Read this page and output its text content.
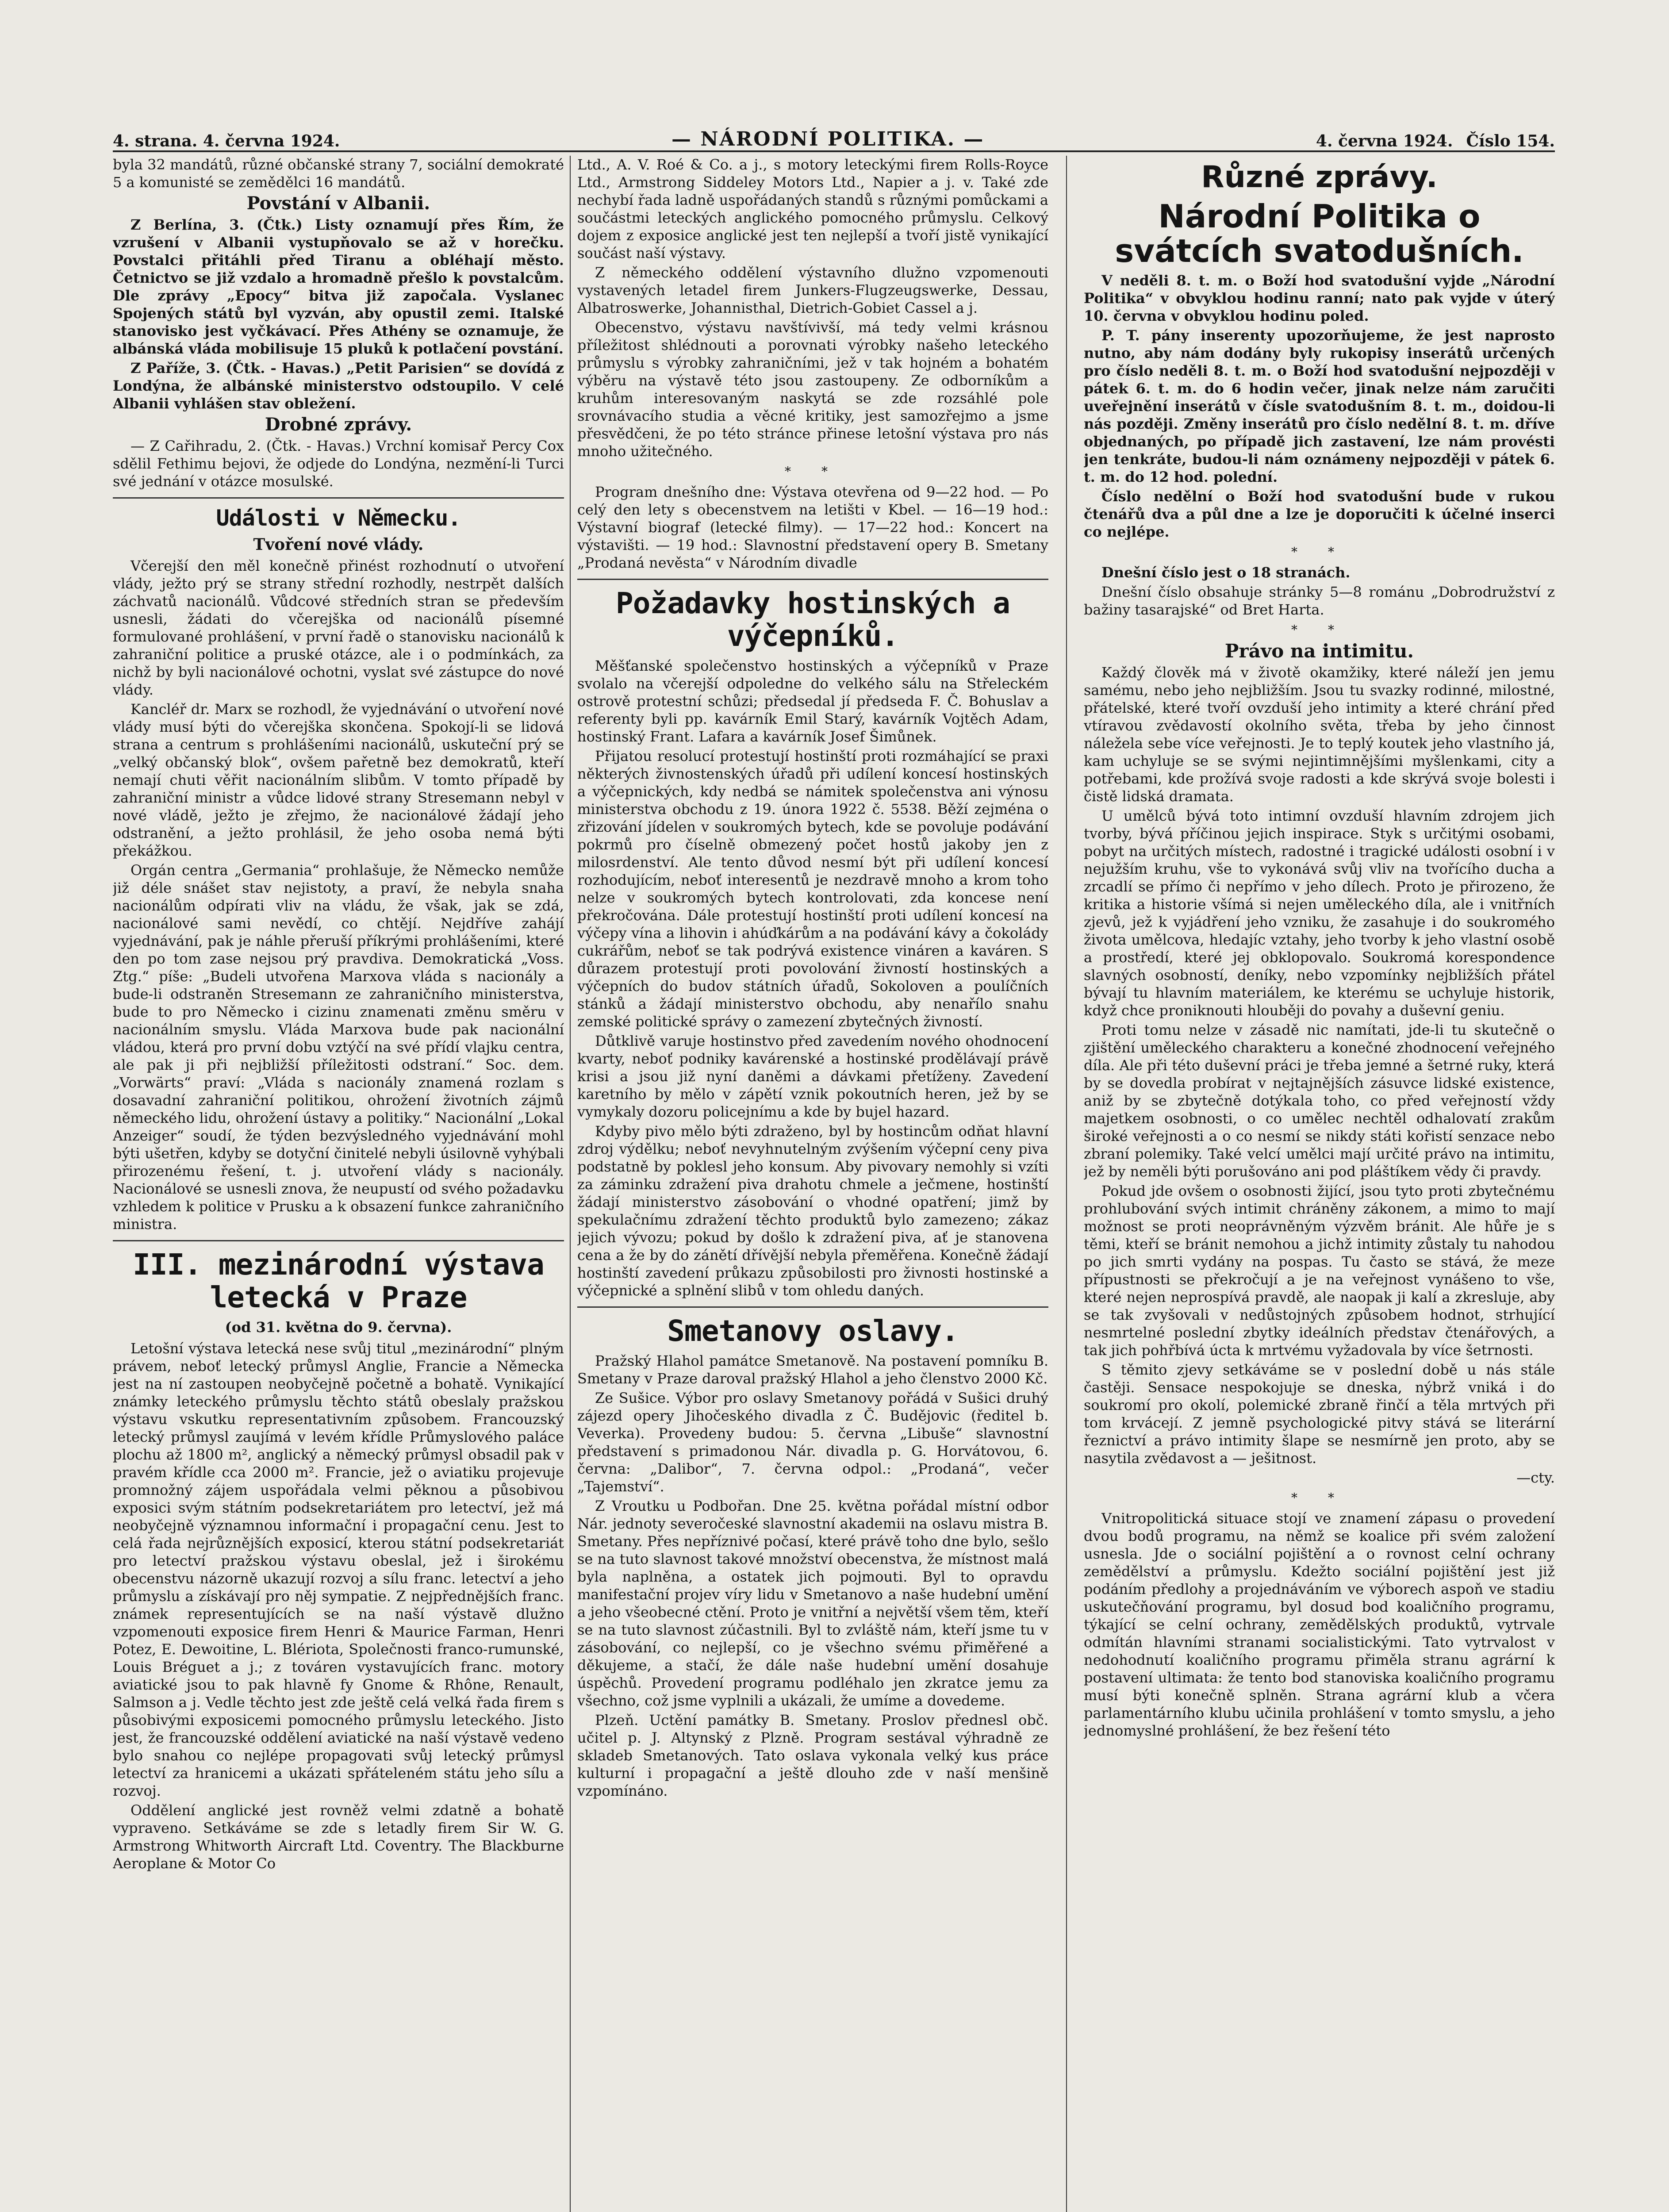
4. strana. 4. června 1924.	— NÁRODNÍ POLITIKA. —	4. června 1924. Číslo 154.

byla 32 mandátů, různé občanské strany 7, sociální demokraté 5 a komunisté se zemědělci 16 mandátů.

Povstání v Albanii.

Z Berlína, 3. (Čtk.) Listy oznamují přes Řím, že vzrušení v Albanii vystupňovalo se až v horečku. Povstalci přitáhli před Tiranu a obléhají město. Četnictvo se již vzdalo a hromadně přešlo k povstalcům. Dle zprávy „Epocy“ bitva již započala. Vyslanec Spojených států byl vyzván, aby opustil zemi. Italské stanovisko jest vyčkávací. Přes Athény se oznamuje, že albánská vláda mobilisuje 15 pluků k potlačení povstání.

Z Paříže, 3. (Čtk. - Havas.) „Petit Parisien“ se dovídá z Londýna, že albánské ministerstvo odstoupilo. V celé Albanii vyhlášen stav obležení.

Drobné zprávy.

— Z Cařihradu, 2. (Čtk. - Havas.) Vrchní komisař Percy Cox sdělil Fethimu bejovi, že odjede do Londýna, nezmění-li Turci své jednání v otázce mosulské.

Události v Německu.
Tvoření nové vlády.

Včerejší den měl konečně přinést rozhodnutí o utvoření vlády, ježto prý se strany střední rozhodly, nestrpět dalších záchvatů nacionálů. Vůdcové středních stran se především usnesli, žádati do včerejška od nacionálů písemné formulované prohlášení, v první řadě o stanovisku nacionálů k zahraniční politice a pruské otázce, ale i o podmínkách, za nichž by byli nacionálové ochotni, vyslat své zástupce do nové vlády.

Kancléř dr. Marx se rozhodl, že vyjednávání o utvoření nové vlády musí býti do včerejška skončena. Spokojí-li se lidová strana a centrum s prohlášeními nacionálů, uskuteční prý se „velký občanský blok“, ovšem pařetně bez demokratů, kteří nemají chuti věřit nacionálním slibům. V tomto případě by zahraniční ministr a vůdce lidové strany Stresemann nebyl v nové vládě, ježto je zřejmo, že nacionálové žádají jeho odstranění, a ježto prohlásil, že jeho osoba nemá býti překážkou.

Orgán centra „Germania“ prohlašuje, že Německo nemůže již déle snášet stav nejistoty, a praví, že nebyla snaha nacionálům odpírati vliv na vládu, že však, jak se zdá, nacionálové sami nevědí, co chtějí. Nejdříve zahájí vyjednávání, pak je náhle přeruší příkrými prohlášeními, které den po tom zase nejsou prý pravdiva. Demokratická „Voss. Ztg.“ píše: „Budeli utvořena Marxova vláda s nacionály a bude-li odstraněn Stresemann ze zahraničního ministerstva, bude to pro Německo i cizinu znamenati změnu směru v nacionálním smyslu. Vláda Marxova bude pak nacionální vládou, která pro první dobu vztýčí na své přídí vlajku centra, ale pak ji při nejbližší příležitosti odstraní.“ Soc. dem. „Vorwärts“ praví: „Vláda s nacionály znamená rozlam s dosavadní zahraniční politikou, ohrožení životních zájmů německého lidu, ohrožení ústavy a politiky.“ Nacionální „Lokal Anzeiger“ soudí, že týden bezvýsledného vyjednávání mohl býti ušetřen, kdyby se dotyční činitelé nebyli úsilovně vyhýbali přirozenému řešení, t. j. utvoření vlády s nacionály. Nacionálové se usnesli znova, že neupustí od svého požadavku vzhledem k politice v Prusku a k obsazení funkce zahraničního ministra.

III. mezinárodní výstava letecká v Praze
(od 31. května do 9. června).

Letošní výstava letecká nese svůj titul „mezinárodní“ plným právem, neboť letecký průmysl Anglie, Francie a Německa jest na ní zastoupen neobyčejně početně a bohatě. Vynikající známky leteckého průmyslu těchto států obeslaly pražskou výstavu vskutku representativním způsobem. Francouzský letecký průmysl zaujímá v levém křídle Průmyslového paláce plochu až 1800 m², anglický a německý průmysl obsadil pak v pravém křídle cca 2000 m². Francie, jež o aviatiku projevuje promnožný zájem uspořádala velmi pěknou a působivou exposici svým státním podsekretariátem pro letectví, jež má neobyčejně významnou informační i propagační cenu. Jest to celá řada nejrůznějších exposicí, kterou státní podsekretariát pro letectví pražskou výstavu obeslal, jež i širokému obecenstvu názorně ukazují rozvoj a sílu franc. letectví a jeho průmyslu a získávají pro něj sympatie. Z nejpřednějších franc. známek representujících se na naší výstavě dlužno vzpomenouti exposice firem Henri & Maurice Farman, Henri Potez, E. Dewoitine, L. Blériota, Společnosti franco-rumunské, Louis Bréguet a j.; z továren vystavujících franc. motory aviatické jsou to pak hlavně fy Gnome & Rhône, Renault, Salmson a j. Vedle těchto jest zde ještě celá velká řada firem s působivými exposicemi pomocného průmyslu leteckého. Jisto jest, že francouzské oddělení aviatické na naší výstavě vedeno bylo snahou co nejlépe propagovati svůj letecký průmysl letectví za hranicemi a ukázati spřáteleném státu jeho sílu a rozvoj.

Oddělení anglické jest rovněž velmi zdatně a bohatě vypraveno. Setkáváme se zde s letadly firem Sir W. G. Armstrong Whitworth Aircraft Ltd. Coventry. The Blackburne Aeroplane & Motor Co

Ltd., A. V. Roé & Co. a j., s motory leteckými firem Rolls-Royce Ltd., Armstrong Siddeley Motors Ltd., Napier a j. v. Také zde nechybí řada ladně uspořádaných standů s různými pomůckami a součástmi leteckých anglického pomocného průmyslu. Celkový dojem z exposice anglické jest ten nejlepší a tvoří jistě vynikající součást naší výstavy.

Z německého oddělení výstavního dlužno vzpomenouti vystavených letadel firem Junkers-Flugzeugswerke, Dessau, Albatroswerke, Johannisthal, Dietrich-Gobiet Cassel a j.

Obecenstvo, výstavu navštívivší, má tedy velmi krásnou příležitost shlédnouti a porovnati výrobky našeho leteckého průmyslu s výrobky zahraničními, jež v tak hojném a bohatém výběru na výstavě této jsou zastoupeny. Ze odborníkům a kruhům interesovaným naskytá se zde rozsáhlé pole srovnávacího studia a věcné kritiky, jest samozřejmo a jsme přesvědčeni, že po této stránce přinese letošní výstava pro nás mnoho užitečného.

* *

Program dnešního dne: Výstava otevřena od 9—22 hod. — Po celý den lety s obecenstvem na letišti v Kbel. — 16—19 hod.: Výstavní biograf (letecké filmy). — 17—22 hod.: Koncert na výstavišti. — 19 hod.: Slavnostní představení opery B. Smetany „Prodaná nevěsta“ v Národním divadle

Požadavky hostinských a výčepníků.

Měšťanské společenstvo hostinských a výčepníků v Praze svolalo na včerejší odpoledne do velkého sálu na Střeleckém ostrově protestní schůzi; předsedal jí předseda F. Č. Bohuslav a referenty byli pp. kavárník Emil Starý, kavárník Vojtěch Adam, hostinský Frant. Lafara a kavárník Josef Šimůnek.

Přijatou resolucí protestují hostinští proti rozmáhající se praxi některých živnostenských úřadů při udílení koncesí hostinských a výčepnických, kdy nedbá se námitek společenstva ani výnosu ministerstva obchodu z 19. února 1922 č. 5538. Běží zejména o zřizování jídelen v soukromých bytech, kde se povoluje podávání pokrmů pro číselně obmezený počet hostů jakoby jen z milosrdenství. Ale tento důvod nesmí být při udílení koncesí rozhodujícím, neboť interesentů je nezdravě mnoho a krom toho nelze v soukromých bytech kontrolovati, zda koncese není překročována. Dále protestují hostinští proti udílení koncesí na výčepy vína a lihovin i ahúďkárům a na podávání kávy a čokolády cukrářům, neboť se tak podrývá existence vináren a kaváren. S důrazem protestují proti povolování živností hostinských a výčepních do budov státních úřadů, Sokoloven a poulíčních stánků a žádají ministerstvo obchodu, aby nenařílo snahu zemské politické správy o zamezení zbytečných živností.

Důtklivě varuje hostinstvo před zavedením nového ohodnocení kvarty, neboť podniky kavárenské a hostinské prodělávají právě krisi a jsou již nyní daněmi a dávkami přetíženy. Zavedení karetního by mělo v zápětí vznik pokoutních heren, jež by se vymykaly dozoru policejnímu a kde by bujel hazard.

Kdyby pivo mělo býti zdraženo, byl by hostincům odňat hlavní zdroj výdělku; neboť nevyhnutelným zvýšením výčepní ceny piva podstatně by poklesl jeho konsum. Aby pivovary nemohly si vzíti za záminku zdražení piva drahotu chmele a ječmene, hostinští žádají ministerstvo zásobování o vhodné opatření; jimž by spekulačnímu zdražení těchto produktů bylo zamezeno; zákaz jejich vývozu; pokud by došlo k zdražení piva, ať je stanovena cena a že by do zánětí dřívější nebyla přeměřena. Konečně žádají hostinští zavedení průkazu způsobilosti pro živnosti hostinské a výčepnické a splnění slibů v tom ohledu daných.

Smetanovy oslavy.

Pražský Hlahol památce Smetanově. Na postavení pomníku B. Smetany v Praze daroval pražský Hlahol a jeho členstvo 2000 Kč.

Ze Sušice. Výbor pro oslavy Smetanovy pořádá v Sušici druhý zájezd opery Jihočeského divadla z Č. Budějovic (ředitel b. Veverka). Provedeny budou: 5. června „Libuše“ slavnostní představení s primadonou Nár. divadla p. G. Horvátovou, 6. června: „Dalibor“, 7. června odpol.: „Prodaná“, večer „Tajemství“.

Z Vroutku u Podbořan. Dne 25. května pořádal místní odbor Nár. jednoty severočeské slavnostní akademii na oslavu mistra B. Smetany. Přes nepříznivé počasí, které právě toho dne bylo, sešlo se na tuto slavnost takové množství obecenstva, že místnost malá byla naplněna, a ostatek jich pojmouti. Byl to opravdu manifestační projev víry lidu v Smetanovo a naše hudební umění a jeho všeobecné ctění. Proto je vnitřní a největší všem těm, kteří se na tuto slavnost zúčastnili. Byl to zvláště nám, kteří jsme tu v zásobování, co nejlepší, co je všechno svému přiměřené a děkujeme, a stačí, že dále naše hudební umění dosahuje úspěchů. Provedení programu podléhalo jen zkratce jemu za všechno, což jsme vyplnili a ukázali, že umíme a dovedeme.

Plzeň. Uctění památky B. Smetany. Proslov přednesl obč. učitel p. J. Altynský z Plzně. Program sestával výhradně ze skladeb Smetanových. Tato oslava vykonala velký kus práce kulturní i propagační a ještě dlouho zde v naší menšině vzpomínáno.

Různé zprávy.
Národní Politika o svátcích svatodušních.

V neděli 8. t. m. o Boží hod svatodušní vyjde „Národní Politika“ v obvyklou hodinu ranní; nato pak vyjde v úterý 10. června v obvyklou hodinu poled.

P. T. pány inserenty upozorňujeme, že jest naprosto nutno, aby nám dodány byly rukopisy inserátů určených pro číslo neděli 8. t. m. o Boží hod svatodušní nejpozději v pátek 6. t. m. do 6 hodin večer, jinak nelze nám zaručiti uveřejnění inserátů v čísle svatodušním 8. t. m., doidou-li nás později. Změny inserátů pro číslo nedělní 8. t. m. dříve objednaných, po případě jich zastavení, lze nám provésti jen tenkráte, budou-li nám oznámeny nejpozději v pátek 6. t. m. do 12 hod. polední.

Číslo nedělní o Boží hod svatodušní bude v rukou čtenářů dva a půl dne a lze je doporučiti k účelné inserci co nejlépe.

* *

Dnešní číslo jest o 18 stranách.

Dnešní číslo obsahuje stránky 5—8 románu „Dobrodružství z bažiny tasarajské“ od Bret Harta.

* *
Právo na intimitu.

Každý člověk má v životě okamžiky, které náleží jen jemu samému, nebo jeho nejbližším. Jsou tu svazky rodinné, milostné, přátelské, které tvoří ovzduší jeho intimity a které chrání před vtíravou zvědavostí okolního světa, třeba by jeho činnost náležela sebe více veřejnosti. Je to teplý koutek jeho vlastního já, kam uchyluje se se svými nejintimnějšími myšlenkami, city a potřebami, kde prožívá svoje radosti a kde skrývá svoje bolesti i čistě lidská dramata.

U umělců bývá toto intimní ovzduší hlavním zdrojem jich tvorby, bývá příčinou jejich inspirace. Styk s určitými osobami, pobyt na určitých místech, radostné i tragické události osobní i v nejužším kruhu, vše to vykonává svůj vliv na tvořícího ducha a zrcadlí se přímo či nepřímo v jeho dílech. Proto je přirozeno, že kritika a historie všímá si nejen uměleckého díla, ale i vnitřních zjevů, jež k vyjádření jeho vzniku, že zasahuje i do soukromého života umělcova, hledajíc vztahy, jeho tvorby k jeho vlastní osobě a prostředí, které jej obklopovalo. Soukromá korespondence slavných osobností, deníky, nebo vzpomínky nejbližších přátel bývají tu hlavním materiálem, ke kterému se uchyluje historik, když chce proniknouti hlouběji do povahy a duševní geniu.

Proti tomu nelze v zásadě nic namítati, jde-li tu skutečně o zjištění uměleckého charakteru a konečné zhodnocení veřejného díla. Ale při této duševní práci je třeba jemné a šetrné ruky, která by se dovedla probírat v nejtajnějších zásuvce lidské existence, aniž by se zbytečně dotýkala toho, co před veřejností vždy majetkem osobnosti, o co umělec nechtěl odhalovatí zrakům široké veřejnosti a o co nesmí se nikdy státi kořistí senzace nebo zbraní polemiky. Také velcí umělci mají určité právo na intimitu, jež by neměli býti porušováno ani pod pláštíkem vědy či pravdy.

Pokud jde ovšem o osobnosti žijící, jsou tyto proti zbytečnému prohlubování svých intimit chráněny zákonem, a mimo to mají možnost se proti neoprávněným výzvěm bránit. Ale hůře je s těmi, kteří se bránit nemohou a jichž intimity zůstaly tu nahodou po jich smrti vydány na pospas. Tu často se stává, že meze přípustnosti se překročují a je na veřejnost vynášeno to vše, které nejen neprospívá pravdě, ale naopak ji kalí a zkresluje, aby se tak zvyšovali v nedůstojných způsobem hodnot, strhující nesmrtelné poslední zbytky ideálních představ čtenářových, a tak jich pohřbívá úcta k mrtvému vyžadovala by více šetrnosti.

S těmito zjevy setkáváme se v poslední době u nás stále častěji. Sensace nespokojuje se dneska, nýbrž vniká i do soukromí pro okolí, polemické zbraně řinčí a těla mrtvých při tom krvácejí. Z jemně psychologické pitvy stává se literární řeznictví a právo intimity šlape se nesmírně jen proto, aby se nasytila zvědavost a — ješitnost.

—cty.

* *

Vnitropolitická situace stojí ve znamení zápasu o provedení dvou bodů programu, na němž se koalice při svém založení usnesla. Jde o sociální pojištění a o rovnost celní ochrany zemědělství a průmyslu. Kdežto sociální pojištění jest již podáním předlohy a projednáváním ve výborech aspoň ve stadiu uskutečňování programu, byl dosud bod koaličního programu, týkající se celní ochrany, zemědělských produktů, vytrvale odmítán hlavními stranami socialistickými. Tato vytrvalost v nedohodnutí koaličního programu přiměla stranu agrární k postavení ultimata: že tento bod stanoviska koaličního programu musí býti konečně splněn. Strana agrární klub a včera parlamentárního klubu učinila prohlášení v tomto smyslu, a jeho jednomyslné prohlášení, že bez řešení této
